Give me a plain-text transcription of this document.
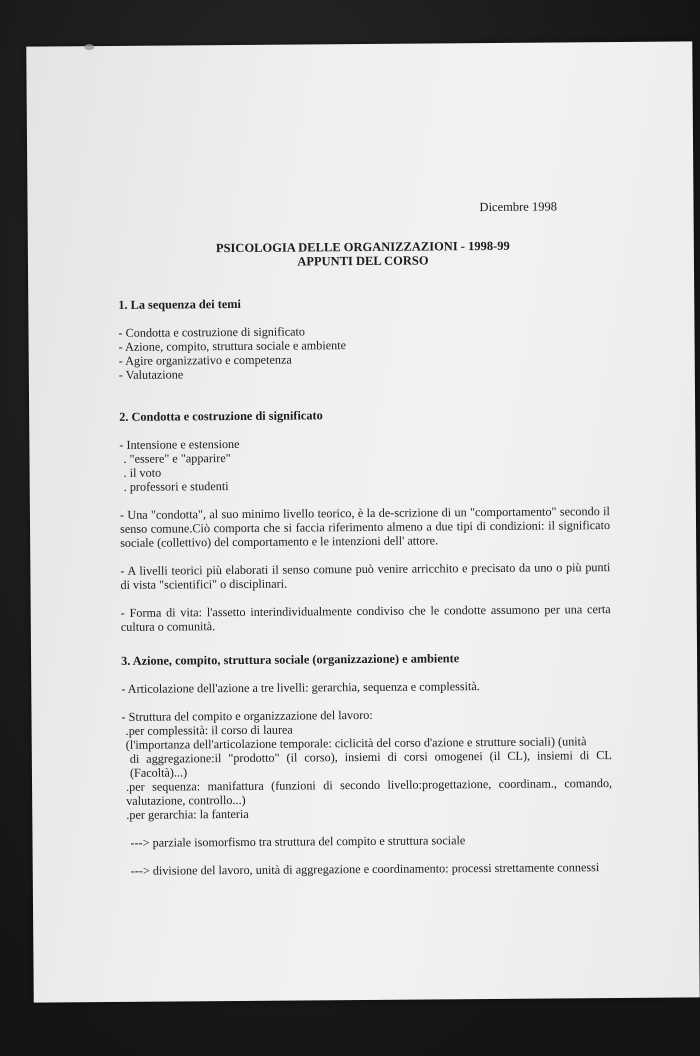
Dicembre 1998
PSICOLOGIA DELLE ORGANIZZAZIONI - 1998-99
APPUNTI DEL CORSO
1. La sequenza dei temi
- Condotta e costruzione di significato
- Azione, compito, struttura sociale e ambiente
- Agire organizzativo e competenza
- Valutazione
2. Condotta e costruzione di significato
- Intensione e estensione
. "essere" e "apparire"
. il voto
. professori e studenti
- Una "condotta", al suo minimo livello teorico, è la de-scrizione di un "comportamento" secondo il senso comune.Ciò comporta che si faccia riferimento almeno a due tipi di condizioni: il significato sociale (collettivo) del comportamento e le intenzioni dell' attore.
- A livelli teorici più elaborati il senso comune può venire arricchito e precisato da uno o più punti di vista "scientifici" o disciplinari.
- Forma di vita: l'assetto interindividualmente condiviso che le condotte assumono per una certa cultura o comunità.
3. Azione, compito, struttura sociale (organizzazione) e ambiente
- Articolazione dell'azione a tre livelli: gerarchia, sequenza e complessità.
- Struttura del compito e organizzazione del lavoro:
.per complessità: il corso di laurea
(l'importanza dell'articolazione temporale: ciclicità del corso d'azione e strutture sociali) (unità
di aggregazione:il "prodotto" (il corso), insiemi di corsi omogenei (il CL), insiemi di CL (Facoltà)...)
.per sequenza: manifattura (funzioni di secondo livello:progettazione, coordinam., comando, valutazione, controllo...)
.per gerarchia: la fanteria
---> parziale isomorfismo tra struttura del compito e struttura sociale
---> divisione del lavoro, unità di aggregazione e coordinamento: processi strettamente connessi
